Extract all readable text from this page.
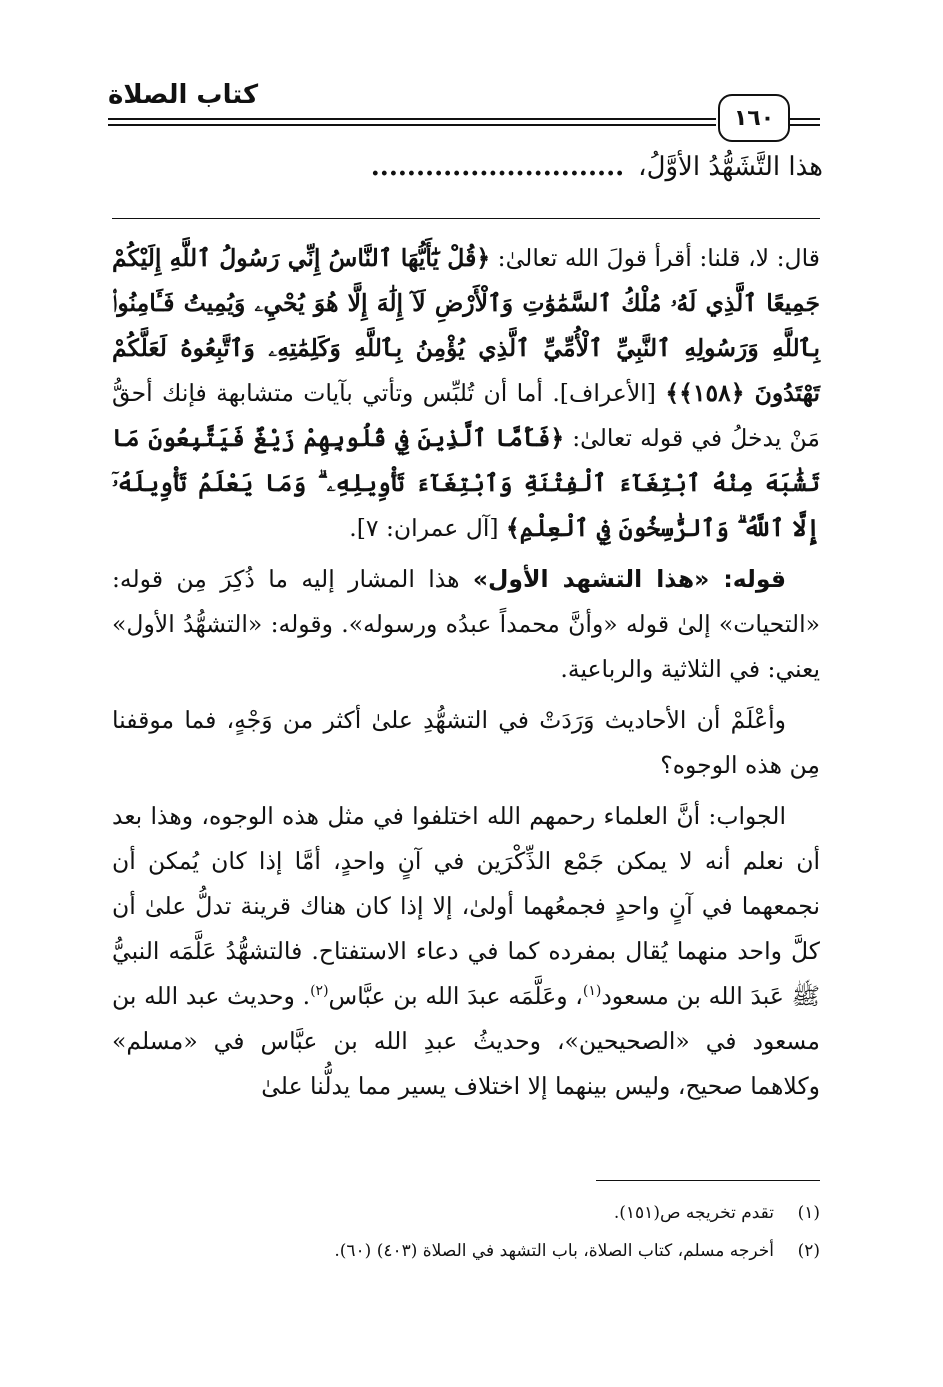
كتاب الصلاة
١٦٠
هذا التَّشَهُّدُ الأوَّلُ،............................

قال: لا، قلنا: أقرأ قولَ الله تعالىٰ: ﴿قُلْ يَٰٓأَيُّهَا ٱلنَّاسُ إِنِّي رَسُولُ ٱللَّهِ إِلَيْكُمْ جَمِيعًا ٱلَّذِي لَهُۥ مُلْكُ ٱلسَّمَٰوَٰتِ وَٱلْأَرْضِ لَآ إِلَٰهَ إِلَّا هُوَ يُحْيِۦ وَيُمِيتُ فَـَٔامِنُوا۟ بِٱللَّهِ وَرَسُولِهِ ٱلنَّبِيِّ ٱلْأُمِّيِّ ٱلَّذِي يُؤْمِنُ بِٱللَّهِ وَكَلِمَٰتِهِۦ وَٱتَّبِعُوهُ لَعَلَّكُمْ تَهْتَدُونَ ﴿١٥٨﴾﴾ [الأعراف]. أما أن تُلبِّس وتأتي بآيات متشابهة فإنك أحقُّ مَنْ يدخلُ في قوله تعالىٰ: ﴿فَأَمَّا ٱلَّذِينَ فِي قُلُوبِهِمْ زَيْغٌ فَيَتَّبِعُونَ مَا تَشَٰبَهَ مِنْهُ ٱبْتِغَآءَ ٱلْفِتْنَةِ وَٱبْتِغَآءَ تَأْوِيلِهِۦ ۗ وَمَا يَعْلَمُ تَأْوِيلَهُۥٓ إِلَّا ٱللَّهُ ۗ وَٱلرَّٰسِخُونَ فِي ٱلْعِلْمِ﴾ [آل عمران: ٧].

قوله: «هذا التشهد الأول» هذا المشار إليه ما ذُكِرَ مِن قوله: «التحيات» إلىٰ قوله «وأنَّ محمداً عبدُه ورسوله». وقوله: «التشهُّدُ الأول» يعني: في الثلاثية والرباعية.

وأعْلَمْ أن الأحاديث وَرَدَتْ في التشهُّدِ علىٰ أكثر من وَجْهٍ، فما موقفنا مِن هذه الوجوه؟

الجواب: أنَّ العلماء رحمهم الله اختلفوا في مثل هذه الوجوه، وهذا بعد أن نعلم أنه لا يمكن جَمْع الذِّكْرَين في آنٍ واحدٍ، أمَّا إذا كان يُمكن أن نجمعهما في آنٍ واحدٍ فجمعُهما أولىٰ، إلا إذا كان هناك قرينة تدلُّ علىٰ أن كلَّ واحد منهما يُقال بمفرده كما في دعاء الاستفتاح. فالتشهُّدُ عَلَّمَه النبيُّ ﷺ عَبدَ الله بن مسعود$^{(١)}$، وعَلَّمَه عبدَ الله بن عبَّاس$^{(٢)}$. وحديث عبد الله بن مسعود في «الصحيحين»، وحديثُ عبدِ الله بن عبَّاس في «مسلم» وكلاهما صحيح، وليس بينهما إلا اختلاف يسير مما يدلُّنا علىٰ

(١)تقدم تخريجه ص(١٥١).
(٢)أخرجه مسلم، كتاب الصلاة، باب التشهد في الصلاة (٤٠٣) (٦٠).
